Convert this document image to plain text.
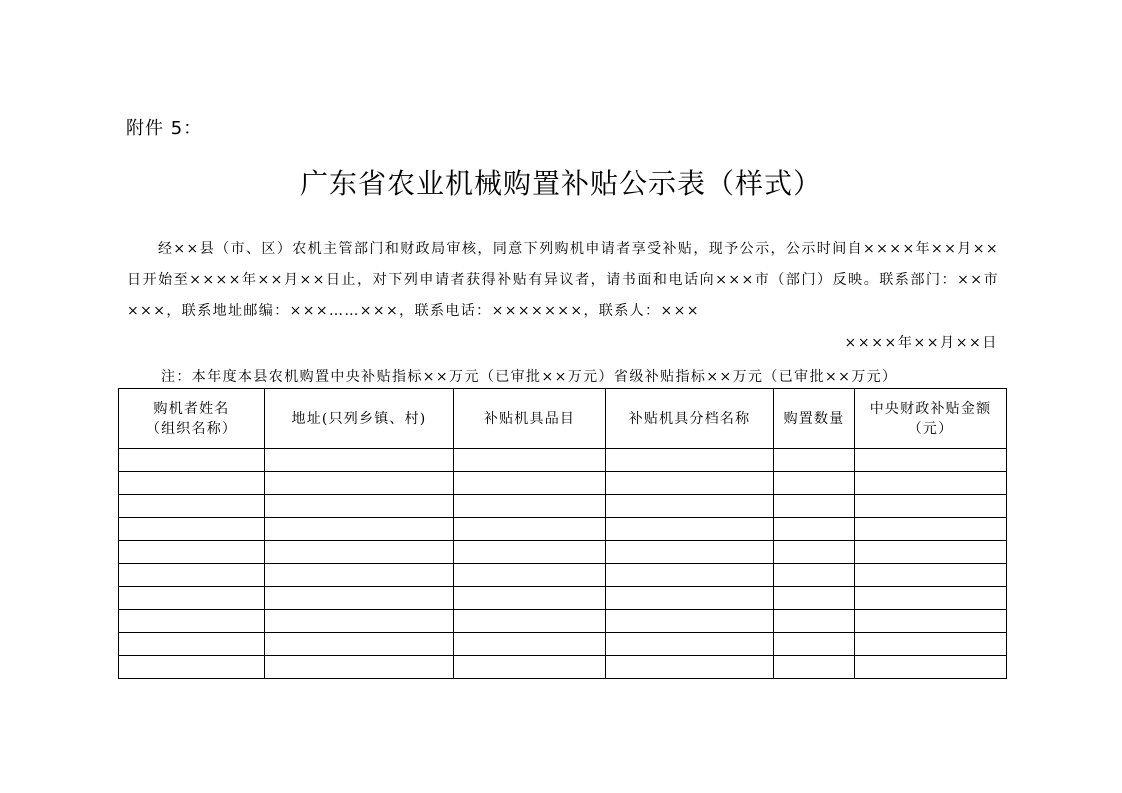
附件 5：
广东省农业机械购置补贴公示表（样式）
经××县（市、区）农机主管部门和财政局审核，同意下列购机申请者享受补贴，现予公示，公示时间自××××年××月××日开始至××××年××月××日止，对下列申请者获得补贴有异议者，请书面和电话向×××市（部门）反映。联系部门：××市×××，联系地址邮编：×××……×××，联系电话：×××××××，联系人：×××
××××年××月××日
注：本年度本县农机购置中央补贴指标××万元（已审批××万元）省级补贴指标××万元（已审批××万元）
购机者姓名
（组织名称）	地址(只列乡镇、村)	补贴机具品目	补贴机具分档名称	购置数量	中央财政补贴金额
（元）
